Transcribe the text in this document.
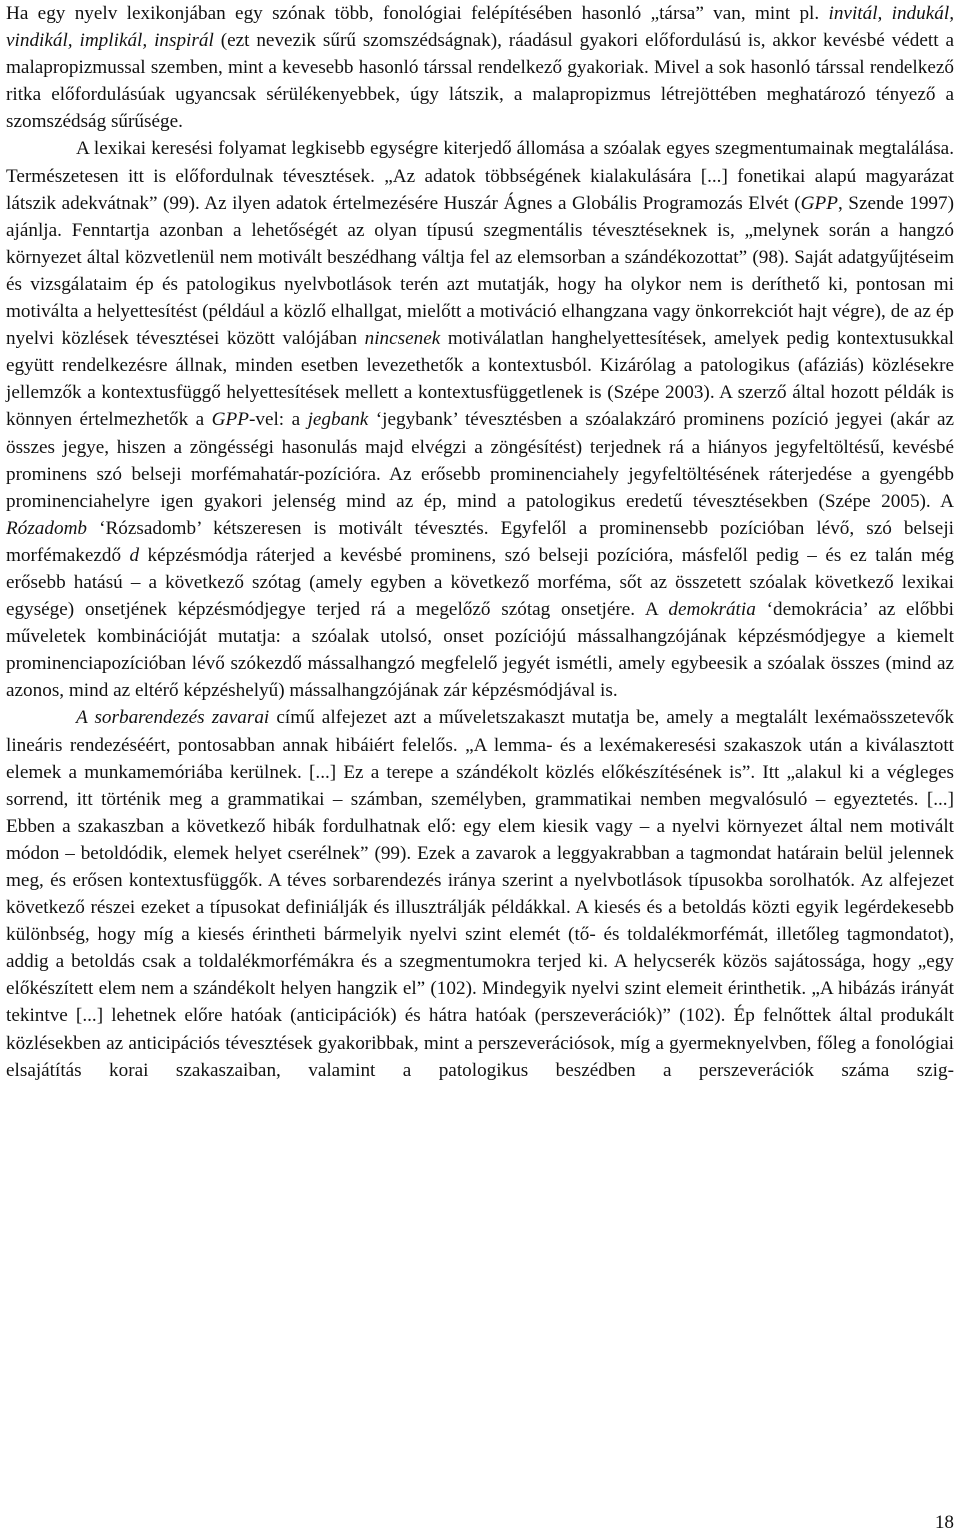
Ha egy nyelv lexikonjában egy szónak több, fonológiai felépítésében hasonló „társa” van, mint pl. invitál, indukál, vindikál, implikál, inspirál (ezt nevezik sűrű szomszédságnak), ráadásul gyakori előfordulású is, akkor kevésbé védett a malapropizmussal szemben, mint a kevesebb hasonló társsal rendelkező gyakoriak. Mivel a sok hasonló társsal rendelkező ritka előfordulásúak ugyancsak sérülékenyebbek, úgy látszik, a malapropizmus létrejöttében meghatározó tényező a szomszédság sűrűsége.

A lexikai keresési folyamat legkisebb egységre kiterjedő állomása a szóalak egyes szegmentumainak megtalálása. Természetesen itt is előfordulnak tévesztések. „Az adatok többségének kialakulására [...] fonetikai alapú magyarázat látszik adekvátnak” (99). Az ilyen adatok értelmezésére Huszár Ágnes a Globális Programozás Elvét (GPP, Szende 1997) ajánlja. Fenntartja azonban a lehetőségét az olyan típusú szegmentális tévesztéseknek is, „melynek során a hangzó környezet által közvetlenül nem motivált beszédhang váltja fel az elemsorban a szándékozottat” (98). Saját adatgyűjtéseim és vizsgálataim ép és patologikus nyelvbotlások terén azt mutatják, hogy ha olykor nem is deríthető ki, pontosan mi motiválta a helyettesítést (például a közlő elhallgat, mielőtt a motiváció elhangzana vagy önkorrekciót hajt végre), de az ép nyelvi közlések tévesztései között valójában nincsenek motiválatlan hanghelyettesítések, amelyek pedig kontextusukkal együtt rendelkezésre állnak, minden esetben levezethetők a kontextusból. Kizárólag a patologikus (afáziás) közlésekre jellemzők a kontextusfüggő helyettesítések mellett a kontextusfüggetlenek is (Szépe 2003). A szerző által hozott példák is könnyen értelmezhetők a GPP-vel: a jegbank ‘jegybank’ tévesztésben a szóalakzáró prominens pozíció jegyei (akár az összes jegye, hiszen a zöngésségi hasonulás majd elvégzi a zöngésítést) terjednek rá a hiányos jegyfeltöltésű, kevésbé prominens szó belseji morfémahatár-pozícióra. Az erősebb prominenciahely jegyfeltöltésének ráterjedése a gyengébb prominenciahelyre igen gyakori jelenség mind az ép, mind a patologikus eredetű tévesztésekben (Szépe 2005). A Rózadomb ‘Rózsadomb’ kétszeresen is motivált tévesztés. Egyfelől a prominensebb pozícióban lévő, szó belseji morfémakezdő d képzésmódja ráterjed a kevésbé prominens, szó belseji pozícióra, másfelől pedig – és ez talán még erősebb hatású – a következő szótag (amely egyben a következő morféma, sőt az összetett szóalak következő lexikai egysége) onsetjének képzésmódjegye terjed rá a megelőző szótag onsetjére. A demokrátia ‘demokrácia’ az előbbi műveletek kombinációját mutatja: a szóalak utolsó, onset pozíciójú mássalhangzójának képzésmódjegye a kiemelt prominenciapozícióban lévő szókezdő mássalhangzó megfelelő jegyét ismétli, amely egybeesik a szóalak összes (mind az azonos, mind az eltérő képzéshelyű) mássalhangzójának zár képzésmódjával is.

A sorbarendezés zavarai című alfejezet azt a műveletszakaszt mutatja be, amely a megtalált lexémaösszetevők lineáris rendezéséért, pontosabban annak hibáiért felelős. „A lemma- és a lexémakeresési szakaszok után a kiválasztott elemek a munkamemóriába kerülnek. [...] Ez a terepe a szándékolt közlés előkészítésének is”. Itt „alakul ki a végleges sorrend, itt történik meg a grammatikai – számban, személyben, grammatikai nemben megvalósuló – egyeztetés. [...] Ebben a szakaszban a következő hibák fordulhatnak elő: egy elem kiesik vagy – a nyelvi környezet által nem motivált módon – betoldódik, elemek helyet cserélnek” (99). Ezek a zavarok a leggyakrabban a tagmondat határain belül jelennek meg, és erősen kontextusfüggők. A téves sorbarendezés iránya szerint a nyelvbotlások típusokba sorolhatók. Az alfejezet következő részei ezeket a típusokat definiálják és illusztrálják példákkal. A kiesés és a betoldás közti egyik legérdekesebb különbség, hogy míg a kiesés érintheti bármelyik nyelvi szint elemét (tő- és toldalékmorfémát, illetőleg tagmondatot), addig a betoldás csak a toldalékmorfémákra és a szegmentumokra terjed ki. A helycserék közös sajátossága, hogy „egy előkészített elem nem a szándékolt helyen hangzik el” (102). Mindegyik nyelvi szint elemeit érinthetik. „A hibázás irányát tekintve [...] lehetnek előre hatóak (anticipációk) és hátra hatóak (perszeverációk)” (102). Ép felnőttek által produkált közlésekben az anticipációs tévesztések gyakoribbak, mint a perszeverációsok, míg a gyermeknyelvben, főleg a fonológiai elsajátítás korai szakaszaiban, valamint a patologikus beszédben a perszeverációk száma szig-

18
